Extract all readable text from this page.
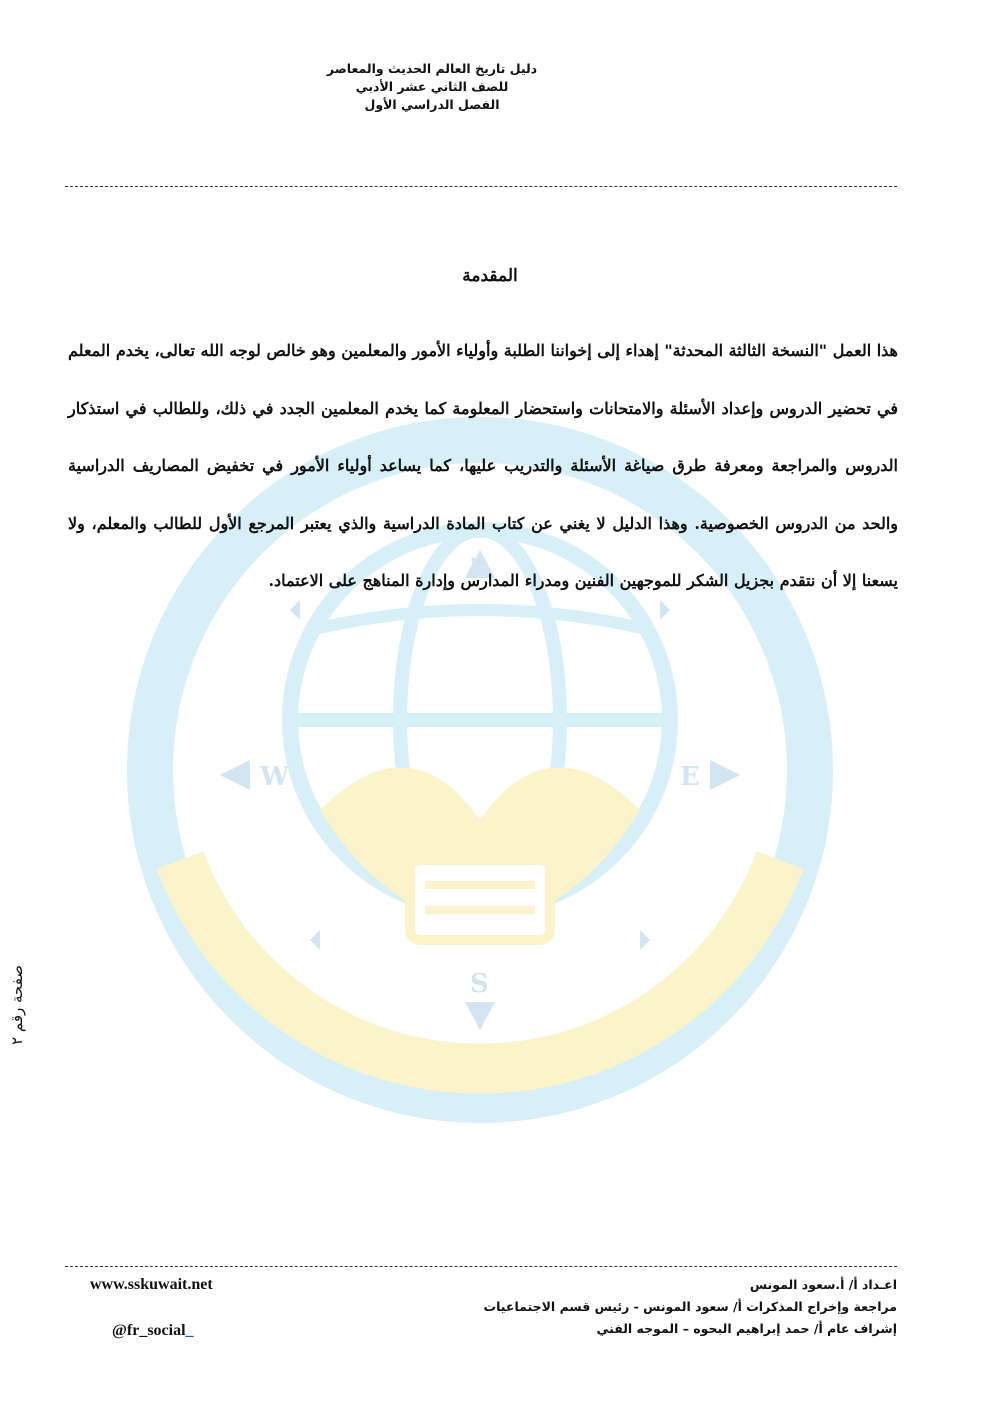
W	E
S
N
دليل تاريخ العالم الحديث والمعاصر
للصف الثاني عشر الأدبي
الفصل الدراسي الأول
المقدمة

هذا العمل "النسخة الثالثة المحدثة" إهداء إلى إخواننا الطلبة وأولياء الأمور والمعلمين وهو خالص لوجه الله تعالى، يخدم المعلم في تحضير الدروس وإعداد الأسئلة والامتحانات واستحضار المعلومة كما يخدم المعلمين الجدد في ذلك، وللطالب في استذكار الدروس والمراجعة ومعرفة طرق صياغة الأسئلة والتدريب عليها، كما يساعد أولياء الأمور في تخفيض المصاريف الدراسية والحد من الدروس الخصوصية. وهذا الدليل لا يغني عن كتاب المادة الدراسية والذي يعتبر المرجع الأول للطالب والمعلم، ولا يسعنا إلا أن نتقدم بجزيل الشكر للموجهين الفنين ومدراء المدارس وإدارة المناهج على الاعتماد.

صفحة رقم ٢
اعـداد أ/ أ.سعود المونس
مراجعة وإخراج المذكرات أ/ سعود المونس - رئيس قسم الاجتماعيات
إشراف عام أ/ حمد إبراهيم البحوه – الموجه الفني
www.sskuwait.net
@fr_social_
